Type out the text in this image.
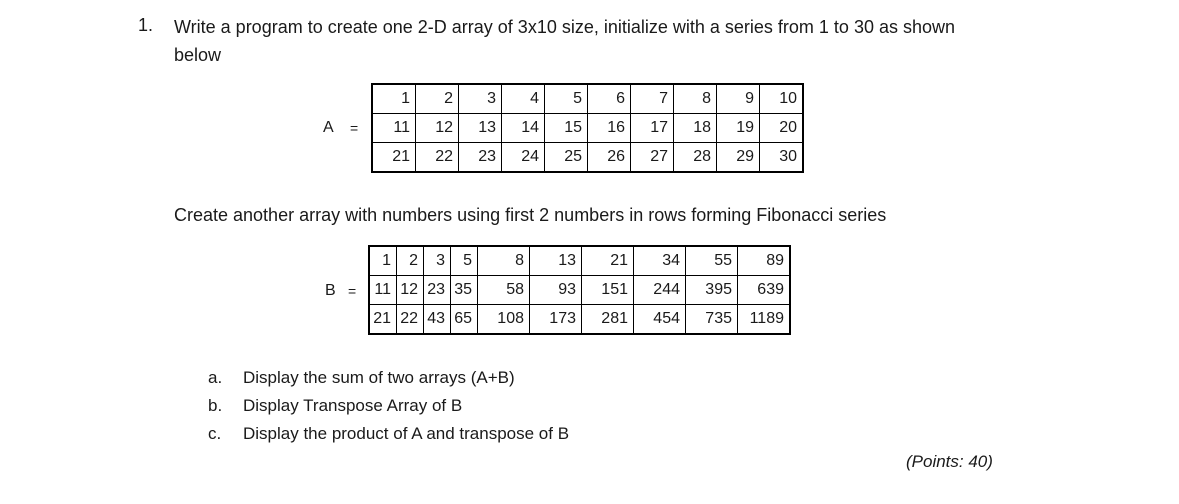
1. Write a program to create one 2-D array of 3x10 size, initialize with a series from 1 to 30 as shown below
A =
1	2	3	4	5	6	7	8	9	10
11	12	13	14	15	16	17	18	19	20
21	22	23	24	25	26	27	28	29	30
Create another array with numbers using first 2 numbers in rows forming Fibonacci series
B =
1	2	3	5	8	13	21	34	55	89
11	12	23	35	58	93	151	244	395	639
21	22	43	65	108	173	281	454	735	1189
a. Display the sum of two arrays (A+B)
b. Display Transpose Array of B
c. Display the product of A and transpose of B
(Points: 40)
